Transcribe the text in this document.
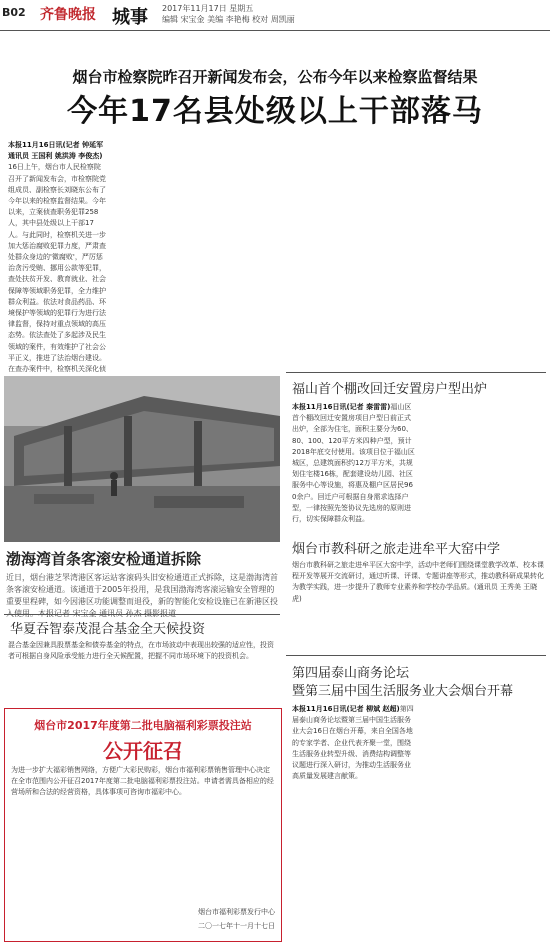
B02 齐鲁晚报 城事 2017年11月17日 星期五
编辑 宋宝金 美编 李艳梅 校对 周凯丽
烟台市检察院昨召开新闻发布会，公布今年以来检察监督结果
今年17名县处级以上干部落马

本报11月16日讯(记者 钟延军 通讯员 王国利 姚洪涛 李俊杰)16日上午，烟台市人民检察院召开了新闻发布会，市检察院党组成员、副检察长刘晓东公布了今年以来的检察监督结果。今年以来，立案侦查职务犯罪258人，其中县处级以上干部17人。与此同时，检察机关进一步加大惩治腐败犯罪力度，严肃查处群众身边的'微腐败'，严厉惩治贪污受贿、挪用公款等犯罪，查处扶贫开发、教育就业、社会保障等领域职务犯罪，全力维护群众利益。依法对食品药品、环境保护等领域的犯罪行为进行法律监督，保持对重点领域的高压态势。依法查处了多起涉及民生领域的案件，有效维护了社会公平正义，推进了法治烟台建设。在查办案件中，检察机关深化侦

渤海湾首条客滚安检通道拆除
近日，烟台港芝罘湾港区客运站客滚码头旧安检通道正式拆除，这是渤海湾首条客滚安检通道。该通道于2005年投用，是我国渤海湾客滚运输安全管理的重要里程碑，如今因港区功能调整而退役，新的智能化安检设施已在新港区投
福山首个棚改回迁安置房户型出炉

本报11月16日讯(记者 秦雷雷)福山区首个棚改回迁安置房项目户型日前正式出炉，全部为住宅，面积主要分为60、80、100、120平方米四种户型，预计2018年底交付使用。该项目位于福山区城区，总建筑面积约12万平方米，共规划住宅楼16栋，配套建设幼儿园、社区服务中心等设施，将惠及棚户区居民960余户。回迁户可根据自身需求选择户型，一律按照先签协议先选房的原则进行，切实保障群众利益。

烟台市教科研之旅走进牟平大窑中学
烟台市教科研之旅走进牟平区大窑中学，活动中老师们围绕课堂教学改革、校本课程开发等展开交流研讨，通过听课、评课、专题讲座等形式，推动教科研成果转化为教学实践，进一步提升了教师专业素养和学校办学品质。(通讯员 王秀美 王晓虎)
华夏吞智泰茂混合基金全天候投资
混合基金因兼具股票基金和债券基金的特点，在市场波动中表现出较强的适应性，投资者可根据自身风险承受能力进行全天候配置，把握不同市场环境下的投资机会。
烟台市2017年度第二批电脑福利彩票投注站
公开征召
为进一步扩大福彩销售网络，方便广大彩民购彩，烟台市福利彩票销售管理中心决定在全市范围内公开征召2017年度第二批电脑福利彩票投注站。申请者需具备相应的经营场所和合法的经营资格，具体事项可咨询市福彩中心。
烟台市福利彩票发行中心
二〇一七年十一月十七日
第四届泰山商务论坛
暨第三届中国生活服务业大会烟台开幕

本报11月16日讯(记者 柳斌 赵超)第四届泰山商务论坛暨第三届中国生活服务业大会16日在烟台开幕，来自全国各地的专家学者、企业代表齐聚一堂，围绕生活服务业转型升级、消费结构调整等议题进行深入研讨，为推动生活服务业高质量发展建言献策。
